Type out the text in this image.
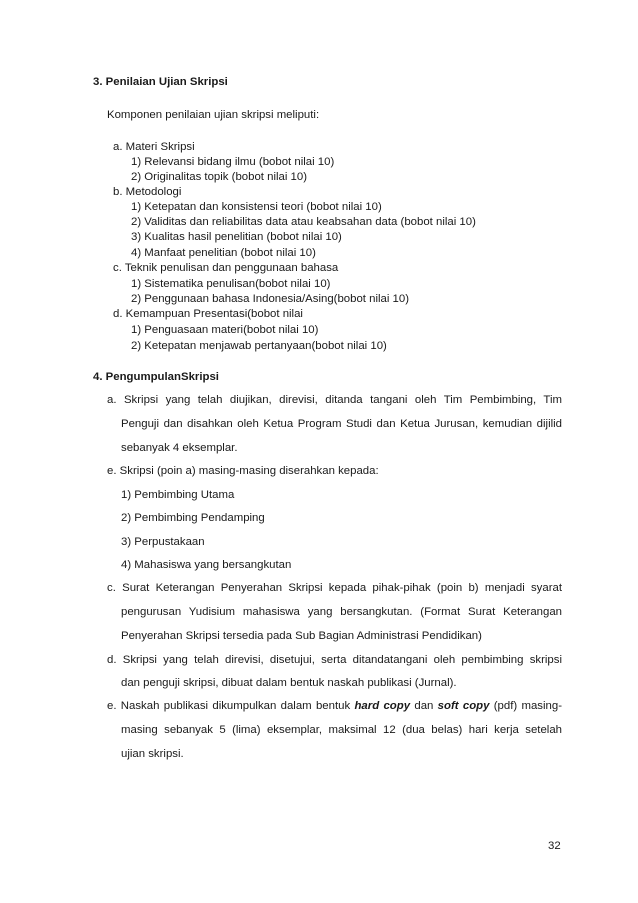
3. Penilaian Ujian Skripsi
Komponen penilaian ujian skripsi meliputi:
a. Materi Skripsi
1) Relevansi bidang ilmu (bobot nilai 10)
2) Originalitas topik (bobot nilai 10)
b. Metodologi
1) Ketepatan dan konsistensi teori (bobot nilai 10)
2) Validitas dan reliabilitas data atau keabsahan data (bobot nilai 10)
3) Kualitas hasil penelitian (bobot nilai 10)
4) Manfaat penelitian (bobot nilai 10)
c. Teknik penulisan dan penggunaan bahasa
1) Sistematika penulisan(bobot nilai 10)
2) Penggunaan bahasa Indonesia/Asing(bobot nilai 10)
d. Kemampuan Presentasi(bobot nilai
1) Penguasaan materi(bobot nilai 10)
2) Ketepatan menjawab pertanyaan(bobot nilai 10)
4. PengumpulanSkripsi
a. Skripsi yang telah diujikan, direvisi, ditanda tangani oleh Tim Pembimbing, Tim
Penguji dan disahkan oleh Ketua Program Studi dan Ketua Jurusan, kemudian dijilid
sebanyak 4 eksemplar.
e. Skripsi (poin a) masing-masing diserahkan kepada:
1) Pembimbing Utama
2) Pembimbing Pendamping
3) Perpustakaan
4) Mahasiswa yang bersangkutan
c. Surat Keterangan Penyerahan Skripsi kepada pihak-pihak (poin b) menjadi syarat
pengurusan Yudisium mahasiswa yang bersangkutan. (Format Surat Keterangan
Penyerahan Skripsi tersedia pada Sub Bagian Administrasi Pendidikan)
d. Skripsi yang telah direvisi, disetujui, serta ditandatangani oleh pembimbing skripsi
dan penguji skripsi, dibuat dalam bentuk naskah publikasi (Jurnal).
e. Naskah publikasi dikumpulkan dalam bentuk hard copy dan soft copy (pdf) masing-
masing sebanyak 5 (lima) eksemplar, maksimal 12 (dua belas) hari kerja setelah
ujian skripsi.
32
